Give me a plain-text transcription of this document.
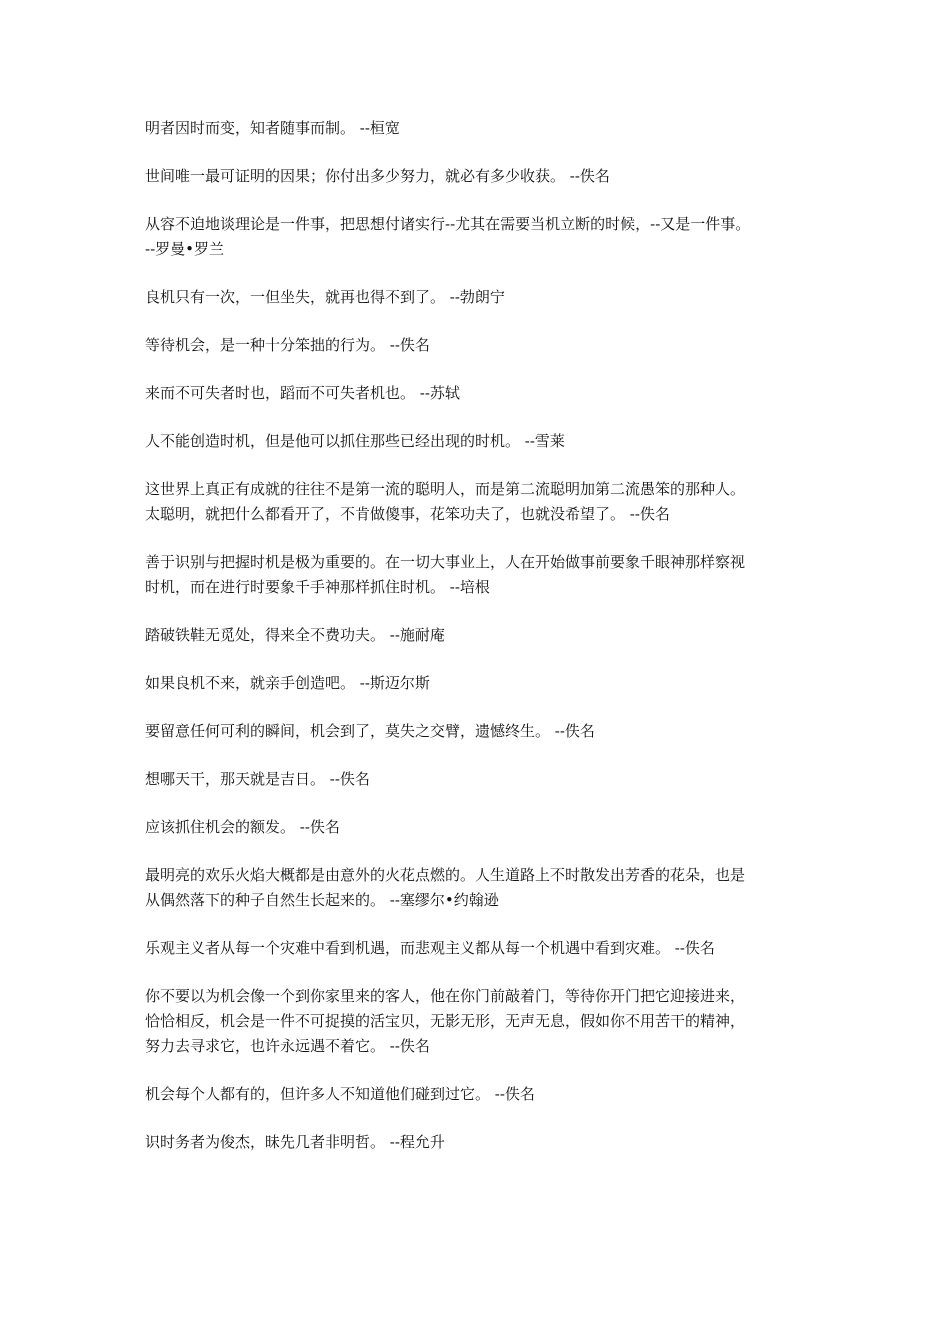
明者因时而变，知者随事而制。 --桓宽

世间唯一最可证明的因果；你付出多少努力，就必有多少收获。 --佚名

从容不迫地谈理论是一件事，把思想付诸实行--尤其在需要当机立断的时候，--又是一件事。
--罗曼•罗兰

良机只有一次，一但坐失，就再也得不到了。 --勃朗宁

等待机会，是一种十分笨拙的行为。 --佚名

来而不可失者时也，蹈而不可失者机也。 --苏轼

人不能创造时机，但是他可以抓住那些已经出现的时机。 --雪莱

这世界上真正有成就的往往不是第一流的聪明人，而是第二流聪明加第二流愚笨的那种人。
太聪明，就把什么都看开了，不肯做傻事，花笨功夫了，也就没希望了。 --佚名

善于识别与把握时机是极为重要的。在一切大事业上，人在开始做事前要象千眼神那样察视
时机，而在进行时要象千手神那样抓住时机。 --培根

踏破铁鞋无觅处，得来全不费功夫。 --施耐庵

如果良机不来，就亲手创造吧。 --斯迈尔斯

要留意任何可利的瞬间，机会到了，莫失之交臂，遗憾终生。 --佚名

想哪天干，那天就是吉日。 --佚名

应该抓住机会的额发。 --佚名

最明亮的欢乐火焰大概都是由意外的火花点燃的。人生道路上不时散发出芳香的花朵，也是
从偶然落下的种子自然生长起来的。 --塞缪尔•约翰逊

乐观主义者从每一个灾难中看到机遇，而悲观主义都从每一个机遇中看到灾难。 --佚名

你不要以为机会像一个到你家里来的客人，他在你门前敲着门，等待你开门把它迎接进来，
恰恰相反，机会是一件不可捉摸的活宝贝，无影无形，无声无息，假如你不用苦干的精神，
努力去寻求它，也许永远遇不着它。 --佚名

机会每个人都有的，但许多人不知道他们碰到过它。 --佚名

识时务者为俊杰，昧先几者非明哲。 --程允升
